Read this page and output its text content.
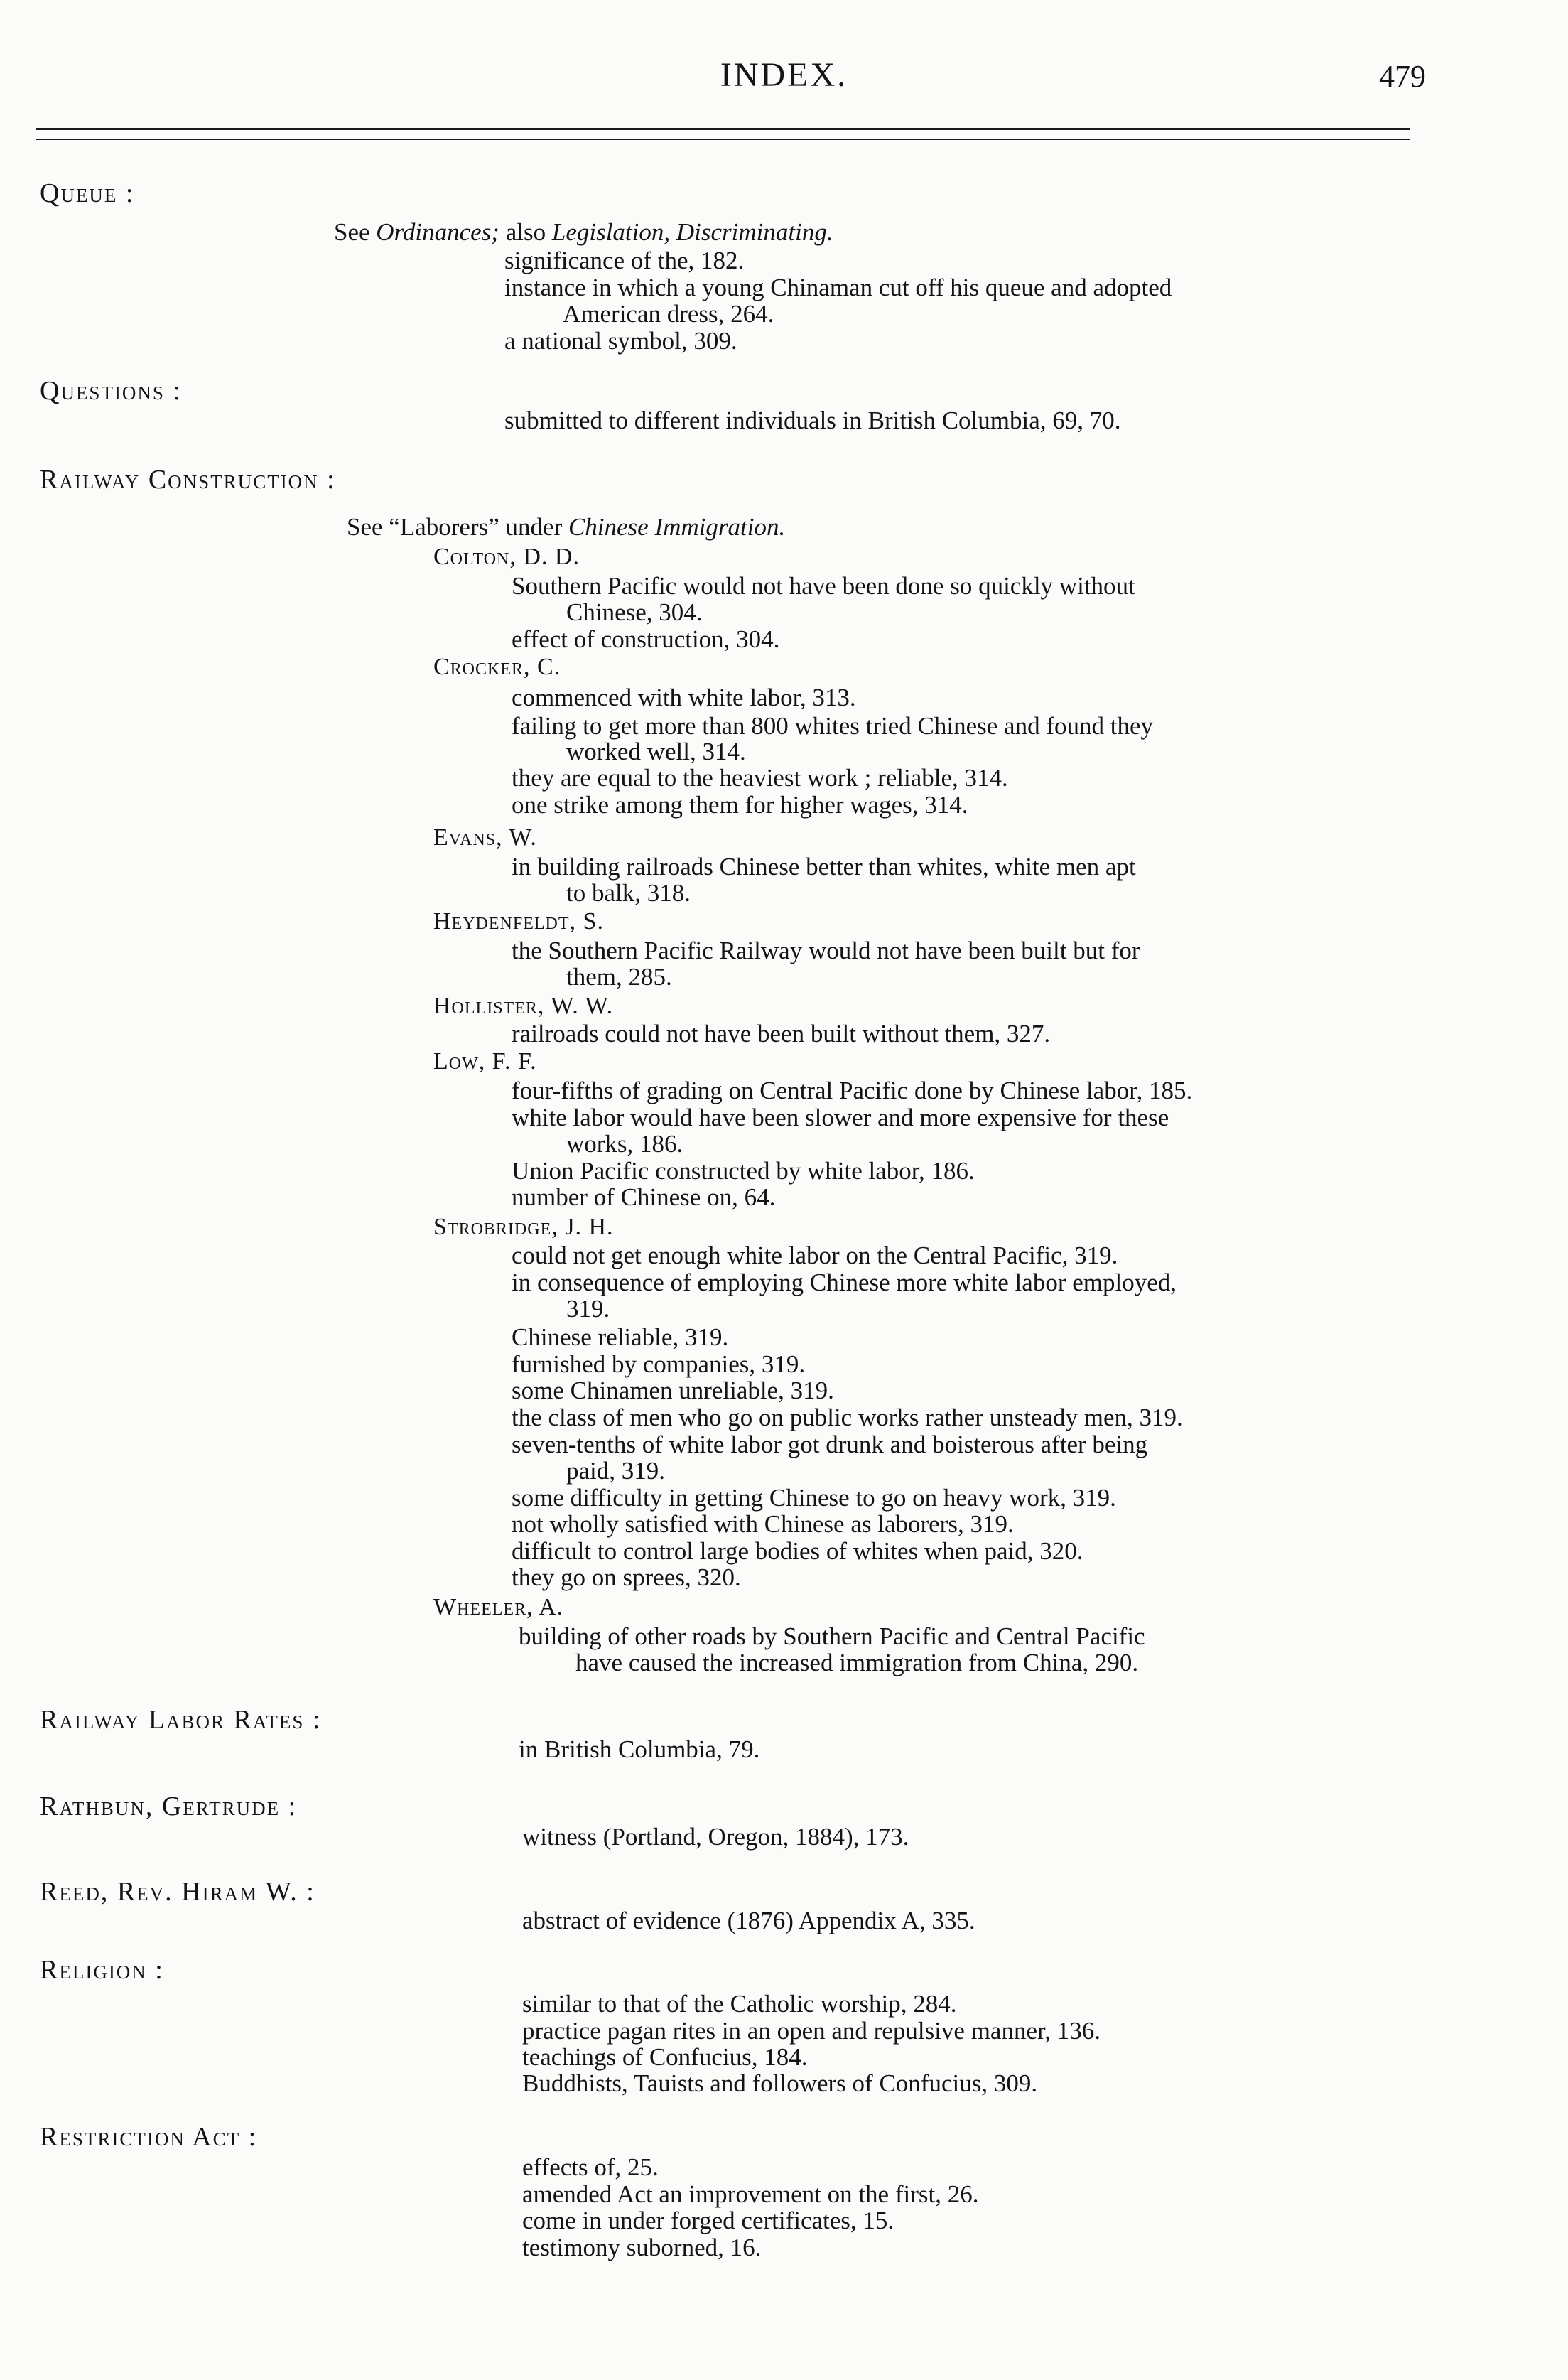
INDEX.	479
Queue :

See Ordinances; also Legislation, Discriminating.

significance of the, 182.

instance in which a young Chinaman cut off his queue and adopted

American dress, 264.

a national symbol, 309.

Questions :

submitted to different individuals in British Columbia, 69, 70.

Railway Construction :

See “Laborers” under Chinese Immigration.

Colton, D. D.

Southern Pacific would not have been done so quickly without

Chinese, 304.

effect of construction, 304.

Crocker, C.

commenced with white labor, 313.

failing to get more than 800 whites tried Chinese and found they

worked well, 314.

they are equal to the heaviest work ; reliable, 314.

one strike among them for higher wages, 314.

Evans, W.

in building railroads Chinese better than whites, white men apt

to balk, 318.

Heydenfeldt, S.

the Southern Pacific Railway would not have been built but for

them, 285.

Hollister, W. W.

railroads could not have been built without them, 327.

Low, F. F.

four-fifths of grading on Central Pacific done by Chinese labor, 185.

white labor would have been slower and more expensive for these

works, 186.

Union Pacific constructed by white labor, 186.

number of Chinese on, 64.

Strobridge, J. H.

could not get enough white labor on the Central Pacific, 319.

in consequence of employing Chinese more white labor employed,

319.

Chinese reliable, 319.

furnished by companies, 319.

some Chinamen unreliable, 319.

the class of men who go on public works rather unsteady men, 319.

seven-tenths of white labor got drunk and boisterous after being

paid, 319.

some difficulty in getting Chinese to go on heavy work, 319.

not wholly satisfied with Chinese as laborers, 319.

difficult to control large bodies of whites when paid, 320.

they go on sprees, 320.

Wheeler, A.

building of other roads by Southern Pacific and Central Pacific

have caused the increased immigration from China, 290.

Railway Labor Rates :

in British Columbia, 79.

Rathbun, Gertrude :

witness (Portland, Oregon, 1884), 173.

Reed, Rev. Hiram W. :

abstract of evidence (1876) Appendix A, 335.

Religion :

similar to that of the Catholic worship, 284.

practice pagan rites in an open and repulsive manner, 136.

teachings of Confucius, 184.

Buddhists, Tauists and followers of Confucius, 309.

Restriction Act :

effects of, 25.

amended Act an improvement on the first, 26.

come in under forged certificates, 15.

testimony suborned, 16.
